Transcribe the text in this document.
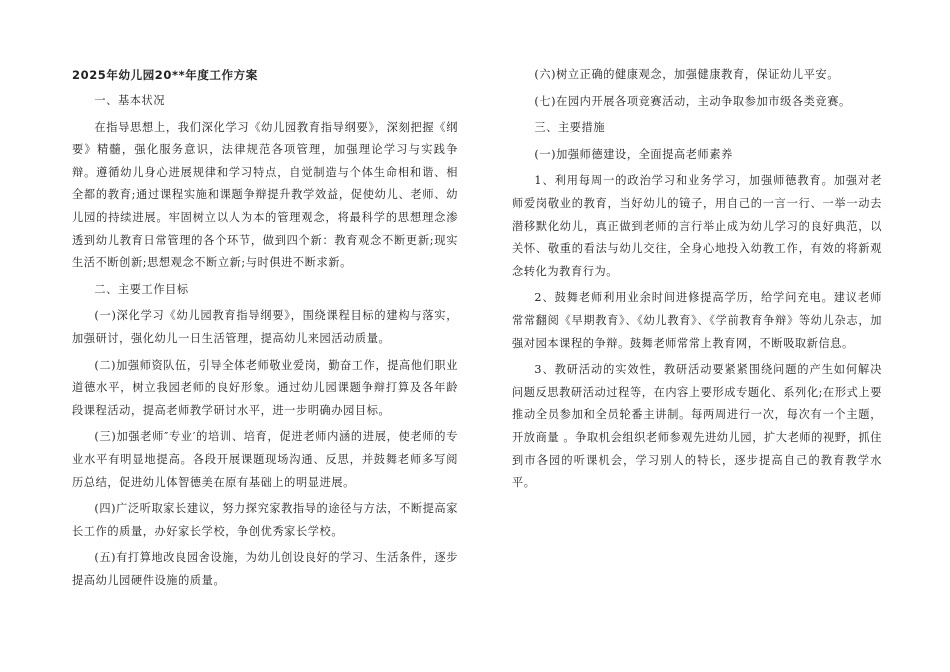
2025年幼儿园20**年度工作方案

一、基本状况

在指导思想上，我们深化学习《幼儿园教育指导纲要》，深刻把握《纲要》精髓，强化服务意识，法律规范各项管理，加强理论学习与实践争辩。遵循幼儿身心进展规律和学习特点，自觉制造与个体生命相和谐、相全都的教育;通过课程实施和课题争辩提升教学效益，促使幼儿、老师、幼儿园的持续进展。牢固树立以人为本的管理观念，将最科学的思想理念渗透到幼儿教育日常管理的各个环节，做到四个新：教育观念不断更新;现实生活不断创新;思想观念不断立新;与时俱进不断求新。

二、主要工作目标

(一)深化学习《幼儿园教育指导纲要》，围绕课程目标的建构与落实，加强研讨，强化幼儿一日生活管理，提高幼儿来园活动质量。

(二)加强师资队伍，引导全体老师敬业爱岗，勤奋工作，提高他们职业道德水平，树立我园老师的良好形象。通过幼儿园课题争辩打算及各年龄段课程活动，提高老师教学研讨水平，进一步明确办园目标。

(三)加强老师″专业′的培训、培育，促进老师内涵的进展，使老师的专业水平有明显地提高。各段开展课题现场沟通、反思，并鼓舞老师多写阅历总结，促进幼儿体智德美在原有基础上的明显进展。

(四)广泛听取家长建议，努力探究家教指导的途径与方法，不断提高家长工作的质量，办好家长学校，争创优秀家长学校。

(五)有打算地改良园舍设施，为幼儿创设良好的学习、生活条件，逐步提高幼儿园硬件设施的质量。

(六)树立正确的健康观念，加强健康教育，保证幼儿平安。

(七)在园内开展各项竞赛活动，主动争取参加市级各类竞赛。

三、主要措施

(一)加强师德建设，全面提高老师素养

1、利用每周一的政治学习和业务学习，加强师德教育。加强对老师爱岗敬业的教育，当好幼儿的镜子，用自己的一言一行、一举一动去潜移默化幼儿，真正做到老师的言行举止成为幼儿学习的良好典范，以关怀、敬重的看法与幼儿交往，全身心地投入幼教工作，有效的将新观念转化为教育行为。

2、鼓舞老师利用业余时间进修提高学历，给学问充电。建议老师常常翻阅《早期教育》、《幼儿教育》、《学前教育争辩》等幼儿杂志，加强对园本课程的争辩。鼓舞老师常常上教育网，不断吸取新信息。

3、教研活动的实效性，教研活动要紧紧围绕问题的产生如何解决问题反思教研活动过程等，在内容上要形成专题化、系列化;在形式上要推动全员参加和全员轮番主讲制。每两周进行一次，每次有一个主题，开放商量 。争取机会组织老师参观先进幼儿园，扩大老师的视野，抓住到市各园的听课机会，学习别人的特长，逐步提高自己的教育教学水平。
